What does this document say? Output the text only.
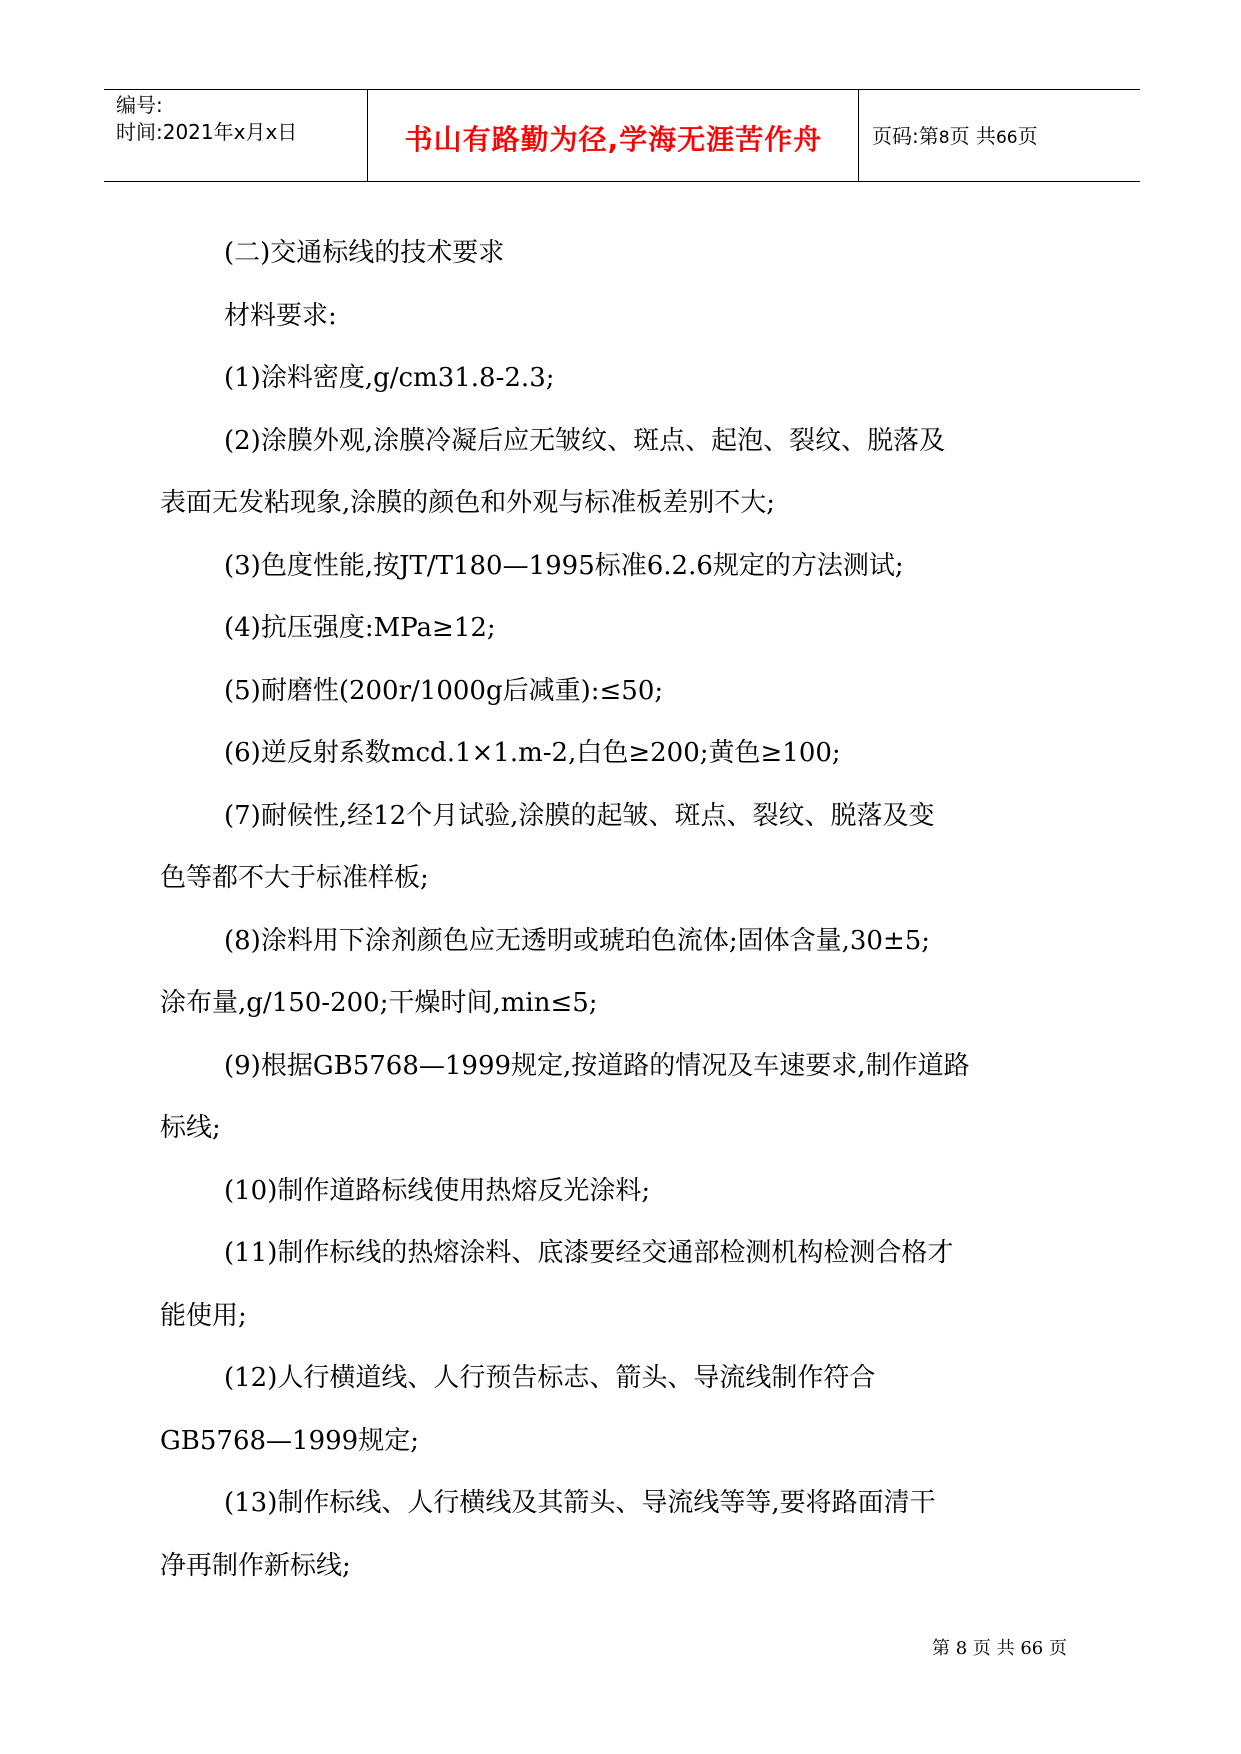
编号:
时间:2021年x月x日	书山有路勤为径,学海无涯苦作舟	页码:第8页 共66页

(二)交通标线的技术要求

材料要求:

(1)涂料密度,g/cm31.8-2.3;

(2)涂膜外观,涂膜冷凝后应无皱纹、斑点、起泡、裂纹、脱落及

表面无发粘现象,涂膜的颜色和外观与标准板差别不大;

(3)色度性能,按JT/T180—1995标准6.2.6规定的方法测试;

(4)抗压强度:MPa≥12;

(5)耐磨性(200r/1000g后减重):≤50;

(6)逆反射系数mcd.1×1.m-2,白色≥200;黄色≥100;

(7)耐候性,经12个月试验,涂膜的起皱、斑点、裂纹、脱落及变

色等都不大于标准样板;

(8)涂料用下涂剂颜色应无透明或琥珀色流体;固体含量,30±5;

涂布量,g/150-200;干燥时间,min≤5;

(9)根据GB5768—1999规定,按道路的情况及车速要求,制作道路

标线;

(10)制作道路标线使用热熔反光涂料;

(11)制作标线的热熔涂料、底漆要经交通部检测机构检测合格才

能使用;

(12)人行横道线、人行预告标志、箭头、导流线制作符合

GB5768—1999规定;

(13)制作标线、人行横线及其箭头、导流线等等,要将路面清干

净再制作新标线;

第 8 页 共 66 页
